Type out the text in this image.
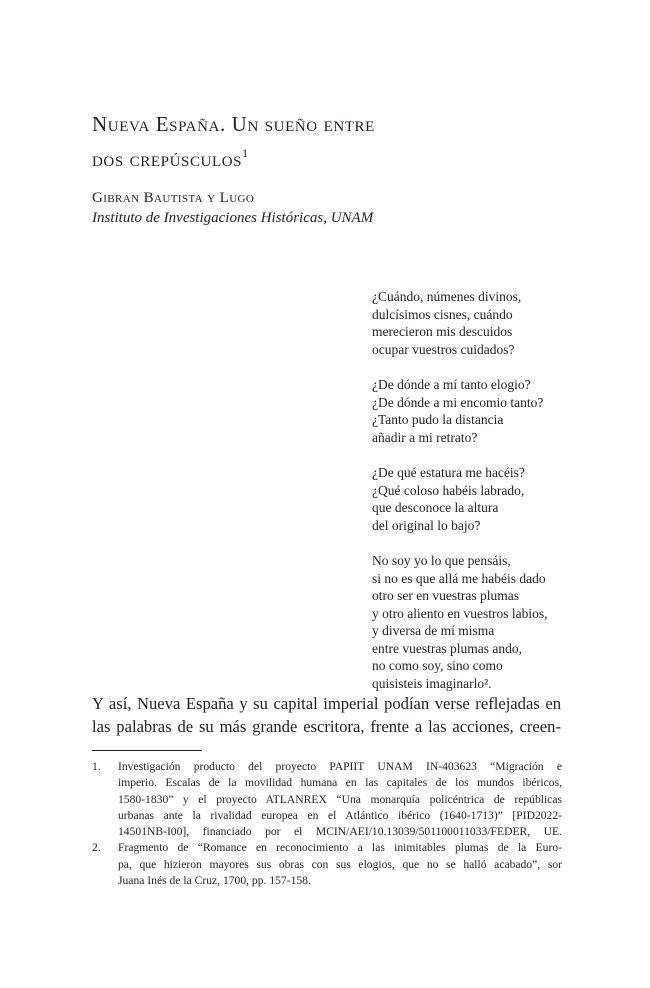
Nueva España. Un sueño entre
dos crepúsculos$^1$
Gibran Bautista y Lugo
Instituto de Investigaciones Históricas, UNAM
¿Cuándo, númenes divinos,
dulcísimos cisnes, cuándo
merecieron mis descuidos
ocupar vuestros cuidados?
¿De dónde a mí tanto elogio?
¿De dónde a mi encomio tanto?
¿Tanto pudo la distancia
añadir a mi retrato?
¿De qué estatura me hacéis?
¿Qué coloso habéis labrado,
que desconoce la altura
del original lo bajo?
No soy yo lo que pensáis,
si no es que allá me habéis dado
otro ser en vuestras plumas
y otro aliento en vuestros labios,
y diversa de mí misma
entre vuestras plumas ando,
no como soy, sino como
quisisteis imaginarlo².
Y así, Nueva España y su capital imperial podían verse reflejadas en
las palabras de su más grande escritora, frente a las acciones, creen-
1. Investigación producto del proyecto PAPIIT UNAM IN-403623 “Migración e
imperio. Escalas de la movilidad humana en las capitales de los mundos ibéricos,
1580-1830” y el proyecto ATLANREX “Una monarquía policéntrica de repúblicas
urbanas ante la rivalidad europea en el Atlántico ibérico (1640-1713)” [PID2022-
14501NB-I00], financiado por el MCIN/AEI/10.13039/501100011033/FEDER, UE.
2. Fragmento de “Romance en reconocimiento a las inimitables plumas de la Euro-
pa, que hizieron mayores sus obras con sus elogios, que no se halló acabado”, sor
Juana Inés de la Cruz, 1700, pp. 157-158.
